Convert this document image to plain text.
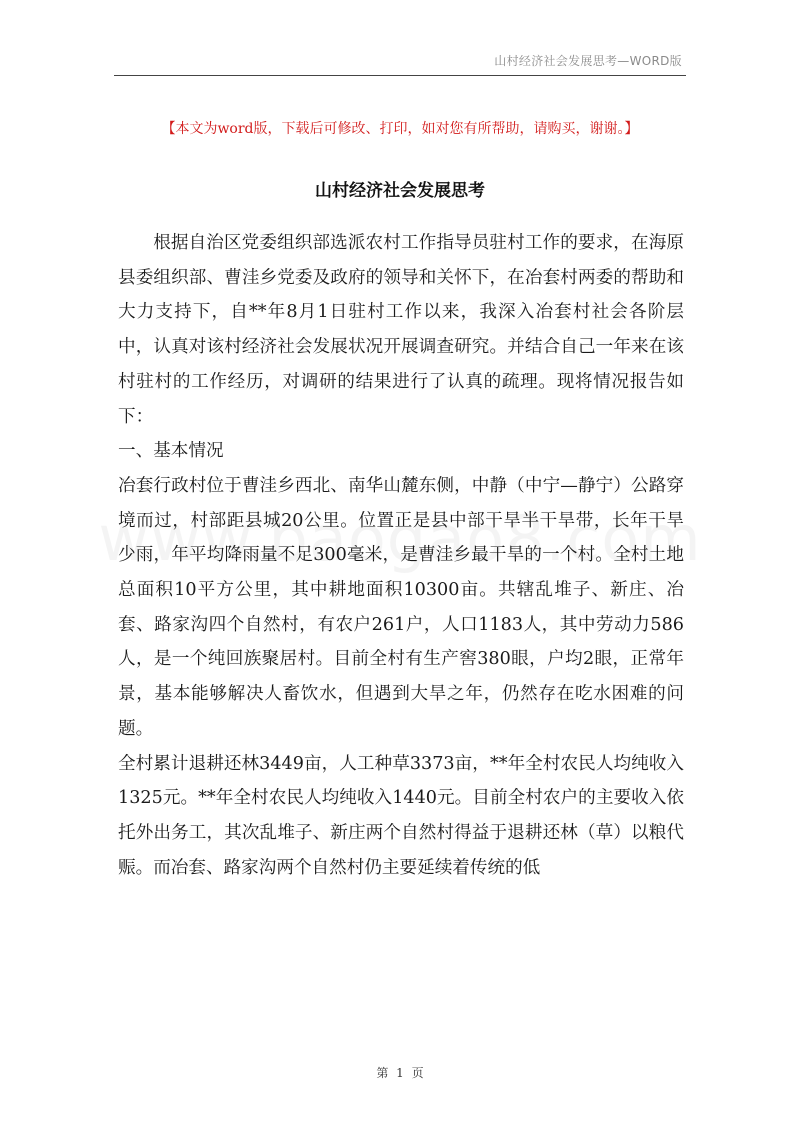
山村经济社会发展思考—WORD版
【本文为word版，下载后可修改、打印，如对您有所帮助，请购买，谢谢。】
山村经济社会发展思考

根据自治区党委组织部选派农村工作指导员驻村工作的要求，在海原县委组织部、曹洼乡党委及政府的领导和关怀下，在冶套村两委的帮助和大力支持下，自**年8月1日驻村工作以来，我深入冶套村社会各阶层中，认真对该村经济社会发展状况开展调查研究。并结合自己一年来在该村驻村的工作经历，对调研的结果进行了认真的疏理。现将情况报告如下：

一、基本情况

冶套行政村位于曹洼乡西北、南华山麓东侧，中静（中宁—静宁）公路穿境而过，村部距县城20公里。位置正是县中部干旱半干旱带，长年干旱少雨，年平均降雨量不足300毫米，是曹洼乡最干旱的一个村。全村土地总面积10平方公里，其中耕地面积10300亩。共辖乱堆子、新庄、冶套、路家沟四个自然村，有农户261户，人口1183人，其中劳动力586人，是一个纯回族聚居村。目前全村有生产窖380眼，户均2眼，正常年景，基本能够解决人畜饮水，但遇到大旱之年，仍然存在吃水困难的问题。

全村累计退耕还林3449亩，人工种草3373亩，**年全村农民人均纯收入1325元。**年全村农民人均纯收入1440元。目前全村农户的主要收入依托外出务工，其次乱堆子、新庄两个自然村得益于退耕还林（草）以粮代赈。而冶套、路家沟两个自然村仍主要延续着传统的低

第 1 页
